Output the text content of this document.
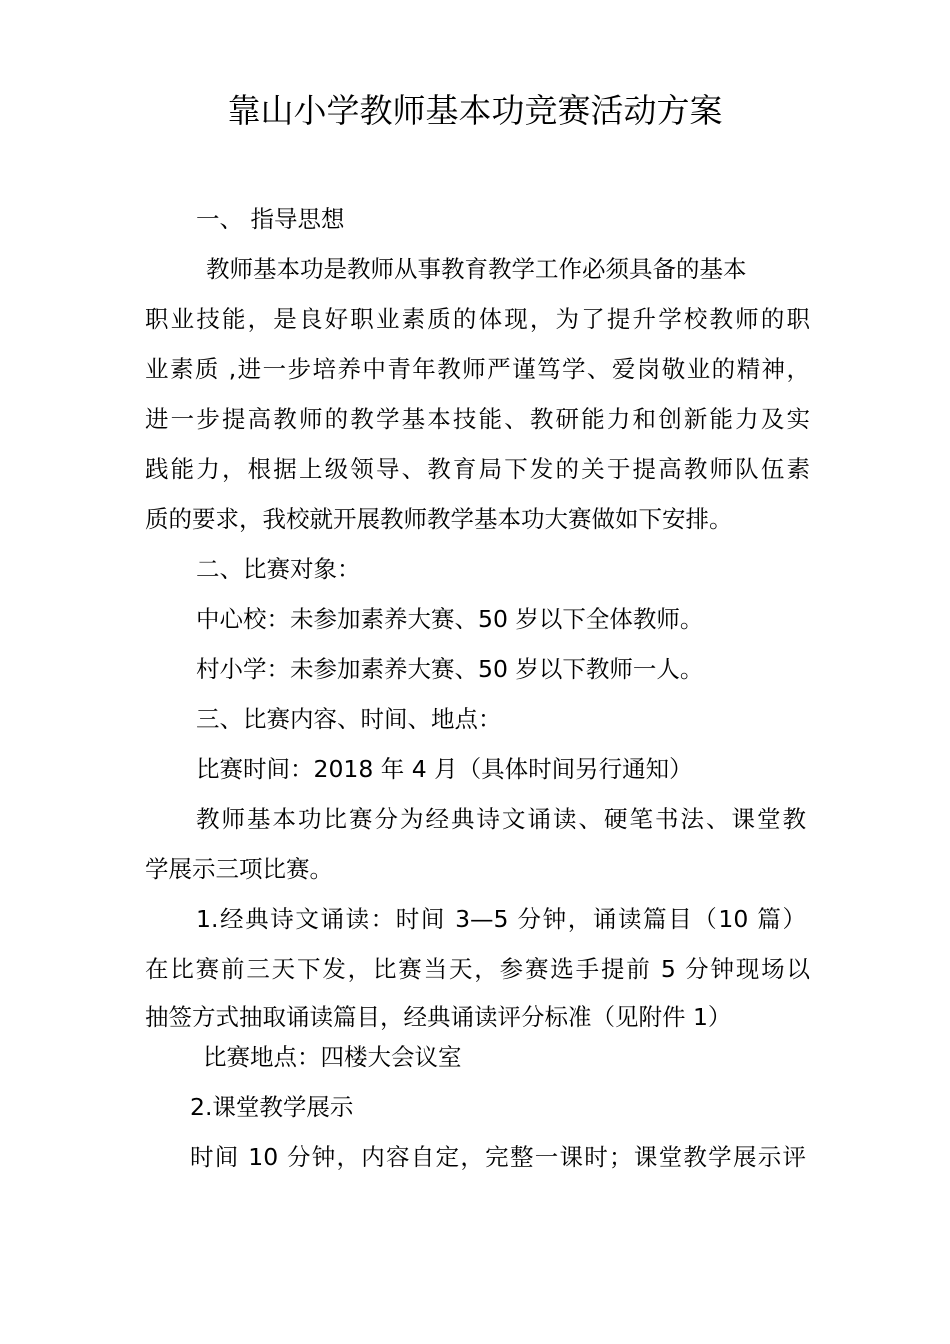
靠山小学教师基本功竞赛活动方案

一、 指导思想

教师基本功是教师从事教育教学工作必须具备的基本

职业技能，是良好职业素质的体现，为了提升学校教师的职

业素质 ,进一步培养中青年教师严谨笃学、爱岗敬业的精神，

进一步提高教师的教学基本技能、教研能力和创新能力及实

践能力，根据上级领导、教育局下发的关于提高教师队伍素

质的要求，我校就开展教师教学基本功大赛做如下安排。

二、比赛对象：

中心校：未参加素养大赛、50 岁以下全体教师。

村小学：未参加素养大赛、50 岁以下教师一人。

三、比赛内容、时间、地点：

比赛时间：2018 年 4 月（具体时间另行通知）

教师基本功比赛分为经典诗文诵读、硬笔书法、课堂教

学展示三项比赛。

1.经典诗文诵读：时间 3—5 分钟，诵读篇目（10 篇）

在比赛前三天下发，比赛当天，参赛选手提前 5 分钟现场以

抽签方式抽取诵读篇目，经典诵读评分标准（见附件 1）

比赛地点：四楼大会议室

2.课堂教学展示

时间 10 分钟，内容自定，完整一课时；课堂教学展示评
